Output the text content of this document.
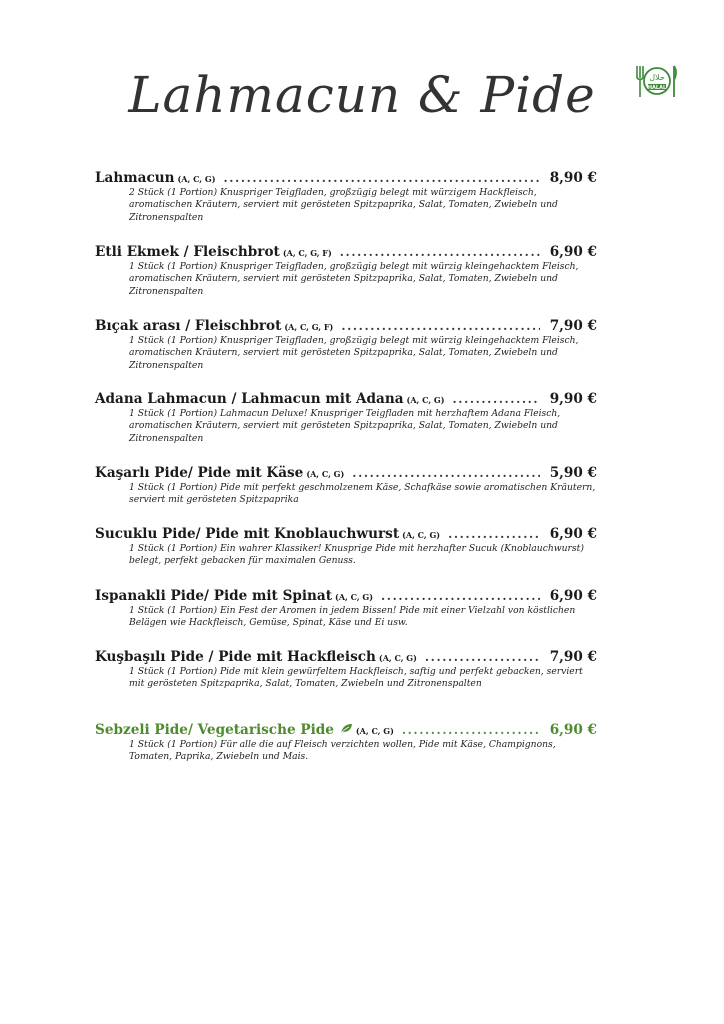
Lahmacun & Pide	حلال
HALAL
Lahmacun (A, C, G) .....	8,90 €
2 Stück (1 Portion) Knuspriger Teigfladen, großzügig belegt mit würzigem Hackfleisch, aromatischen Kräutern, serviert mit gerösteten Spitzpaprika, Salat, Tomaten, Zwiebeln und Zitronenspalten
Etli Ekmek / Fleischbrot (A, C, G, F) .....	6,90 €
1 Stück (1 Portion) Knuspriger Teigfladen, großzügig belegt mit würzig kleingehacktem Fleisch, aromatischen Kräutern, serviert mit gerösteten Spitzpaprika, Salat, Tomaten, Zwiebeln und Zitronenspalten
Bıçak arası / Fleischbrot (A, C, G, F) .....	7,90 €
1 Stück (1 Portion) Knuspriger Teigfladen, großzügig belegt mit würzig kleingehacktem Fleisch, aromatischen Kräutern, serviert mit gerösteten Spitzpaprika, Salat, Tomaten, Zwiebeln und Zitronenspalten
Adana Lahmacun / Lahmacun mit Adana (A, C, G) .....	9,90 €
1 Stück (1 Portion) Lahmacun Deluxe! Knuspriger Teigfladen mit herzhaftem Adana Fleisch, aromatischen Kräutern, serviert mit gerösteten Spitzpaprika, Salat, Tomaten, Zwiebeln und Zitronenspalten
Kaşarlı Pide/ Pide mit Käse (A, C, G) .....	5,90 €
1 Stück (1 Portion) Pide mit perfekt geschmolzenem Käse, Schafkäse sowie aromatischen Kräutern, serviert mit gerösteten Spitzpaprika
Sucuklu Pide/ Pide mit Knoblauchwurst (A, C, G) .....	6,90 €
1 Stück (1 Portion) Ein wahrer Klassiker! Knusprige Pide mit herzhafter Sucuk (Knoblauchwurst) belegt, perfekt gebacken für maximalen Genuss.
Ispanakli Pide/ Pide mit Spinat (A, C, G) .....	6,90 €
1 Stück (1 Portion) Ein Fest der Aromen in jedem Bissen! Pide mit einer Vielzahl von köstlichen Belägen wie Hackfleisch, Gemüse, Spinat, Käse und Ei usw.
Kuşbaşılı Pide / Pide mit Hackfleisch (A, C, G) .....	7,90 €
1 Stück (1 Portion) Pide mit klein gewürfeltem Hackfleisch, saftig und perfekt gebacken, serviert mit gerösteten Spitzpaprika, Salat, Tomaten, Zwiebeln und Zitronenspalten
Sebzeli Pide/ Vegetarische Pide	(A, C, G) .....	6,90 €
1 Stück (1 Portion) Für alle die auf Fleisch verzichten wollen, Pide mit Käse, Champignons, Tomaten, Paprika, Zwiebeln und Mais.
